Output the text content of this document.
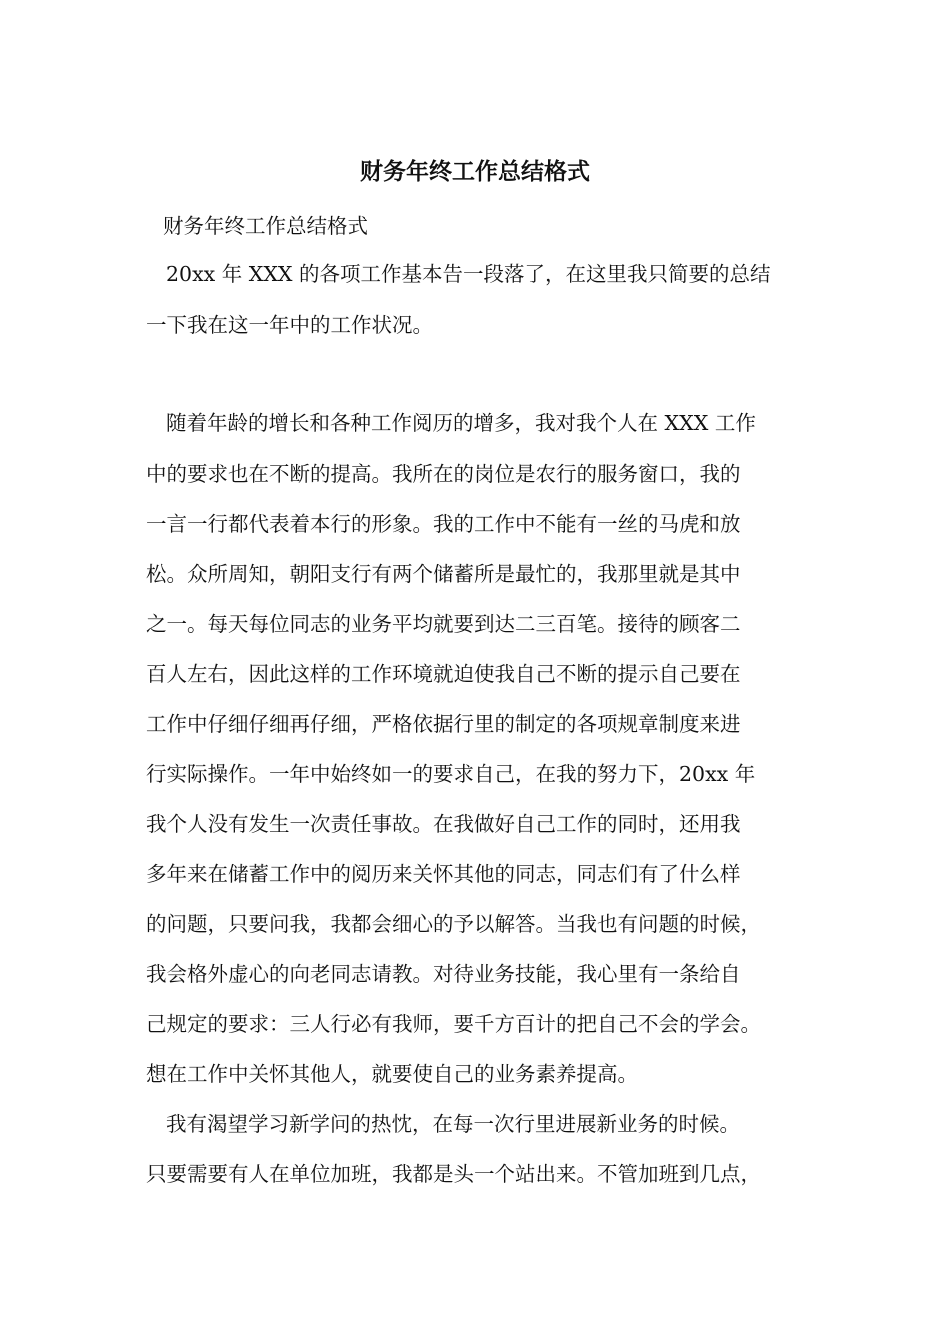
财务年终工作总结格式
财务年终工作总结格式
20xx 年 XXX 的各项工作基本告一段落了，在这里我只简要的总结
一下我在这一年中的工作状况。
随着年龄的增长和各种工作阅历的增多，我对我个人在 XXX 工作
中的要求也在不断的提高。我所在的岗位是农行的服务窗口，我的
一言一行都代表着本行的形象。我的工作中不能有一丝的马虎和放
松。众所周知，朝阳支行有两个储蓄所是最忙的，我那里就是其中
之一。每天每位同志的业务平均就要到达二三百笔。接待的顾客二
百人左右，因此这样的工作环境就迫使我自己不断的提示自己要在
工作中仔细仔细再仔细，严格依据行里的制定的各项规章制度来进
行实际操作。一年中始终如一的要求自己，在我的努力下，20xx 年
我个人没有发生一次责任事故。在我做好自己工作的同时，还用我
多年来在储蓄工作中的阅历来关怀其他的同志，同志们有了什么样
的问题，只要问我，我都会细心的予以解答。当我也有问题的时候，
我会格外虚心的向老同志请教。对待业务技能，我心里有一条给自
己规定的要求：三人行必有我师，要千方百计的把自己不会的学会。
想在工作中关怀其他人，就要使自己的业务素养提高。
我有渴望学习新学问的热忱，在每一次行里进展新业务的时候。
只要需要有人在单位加班，我都是头一个站出来。不管加班到几点，
